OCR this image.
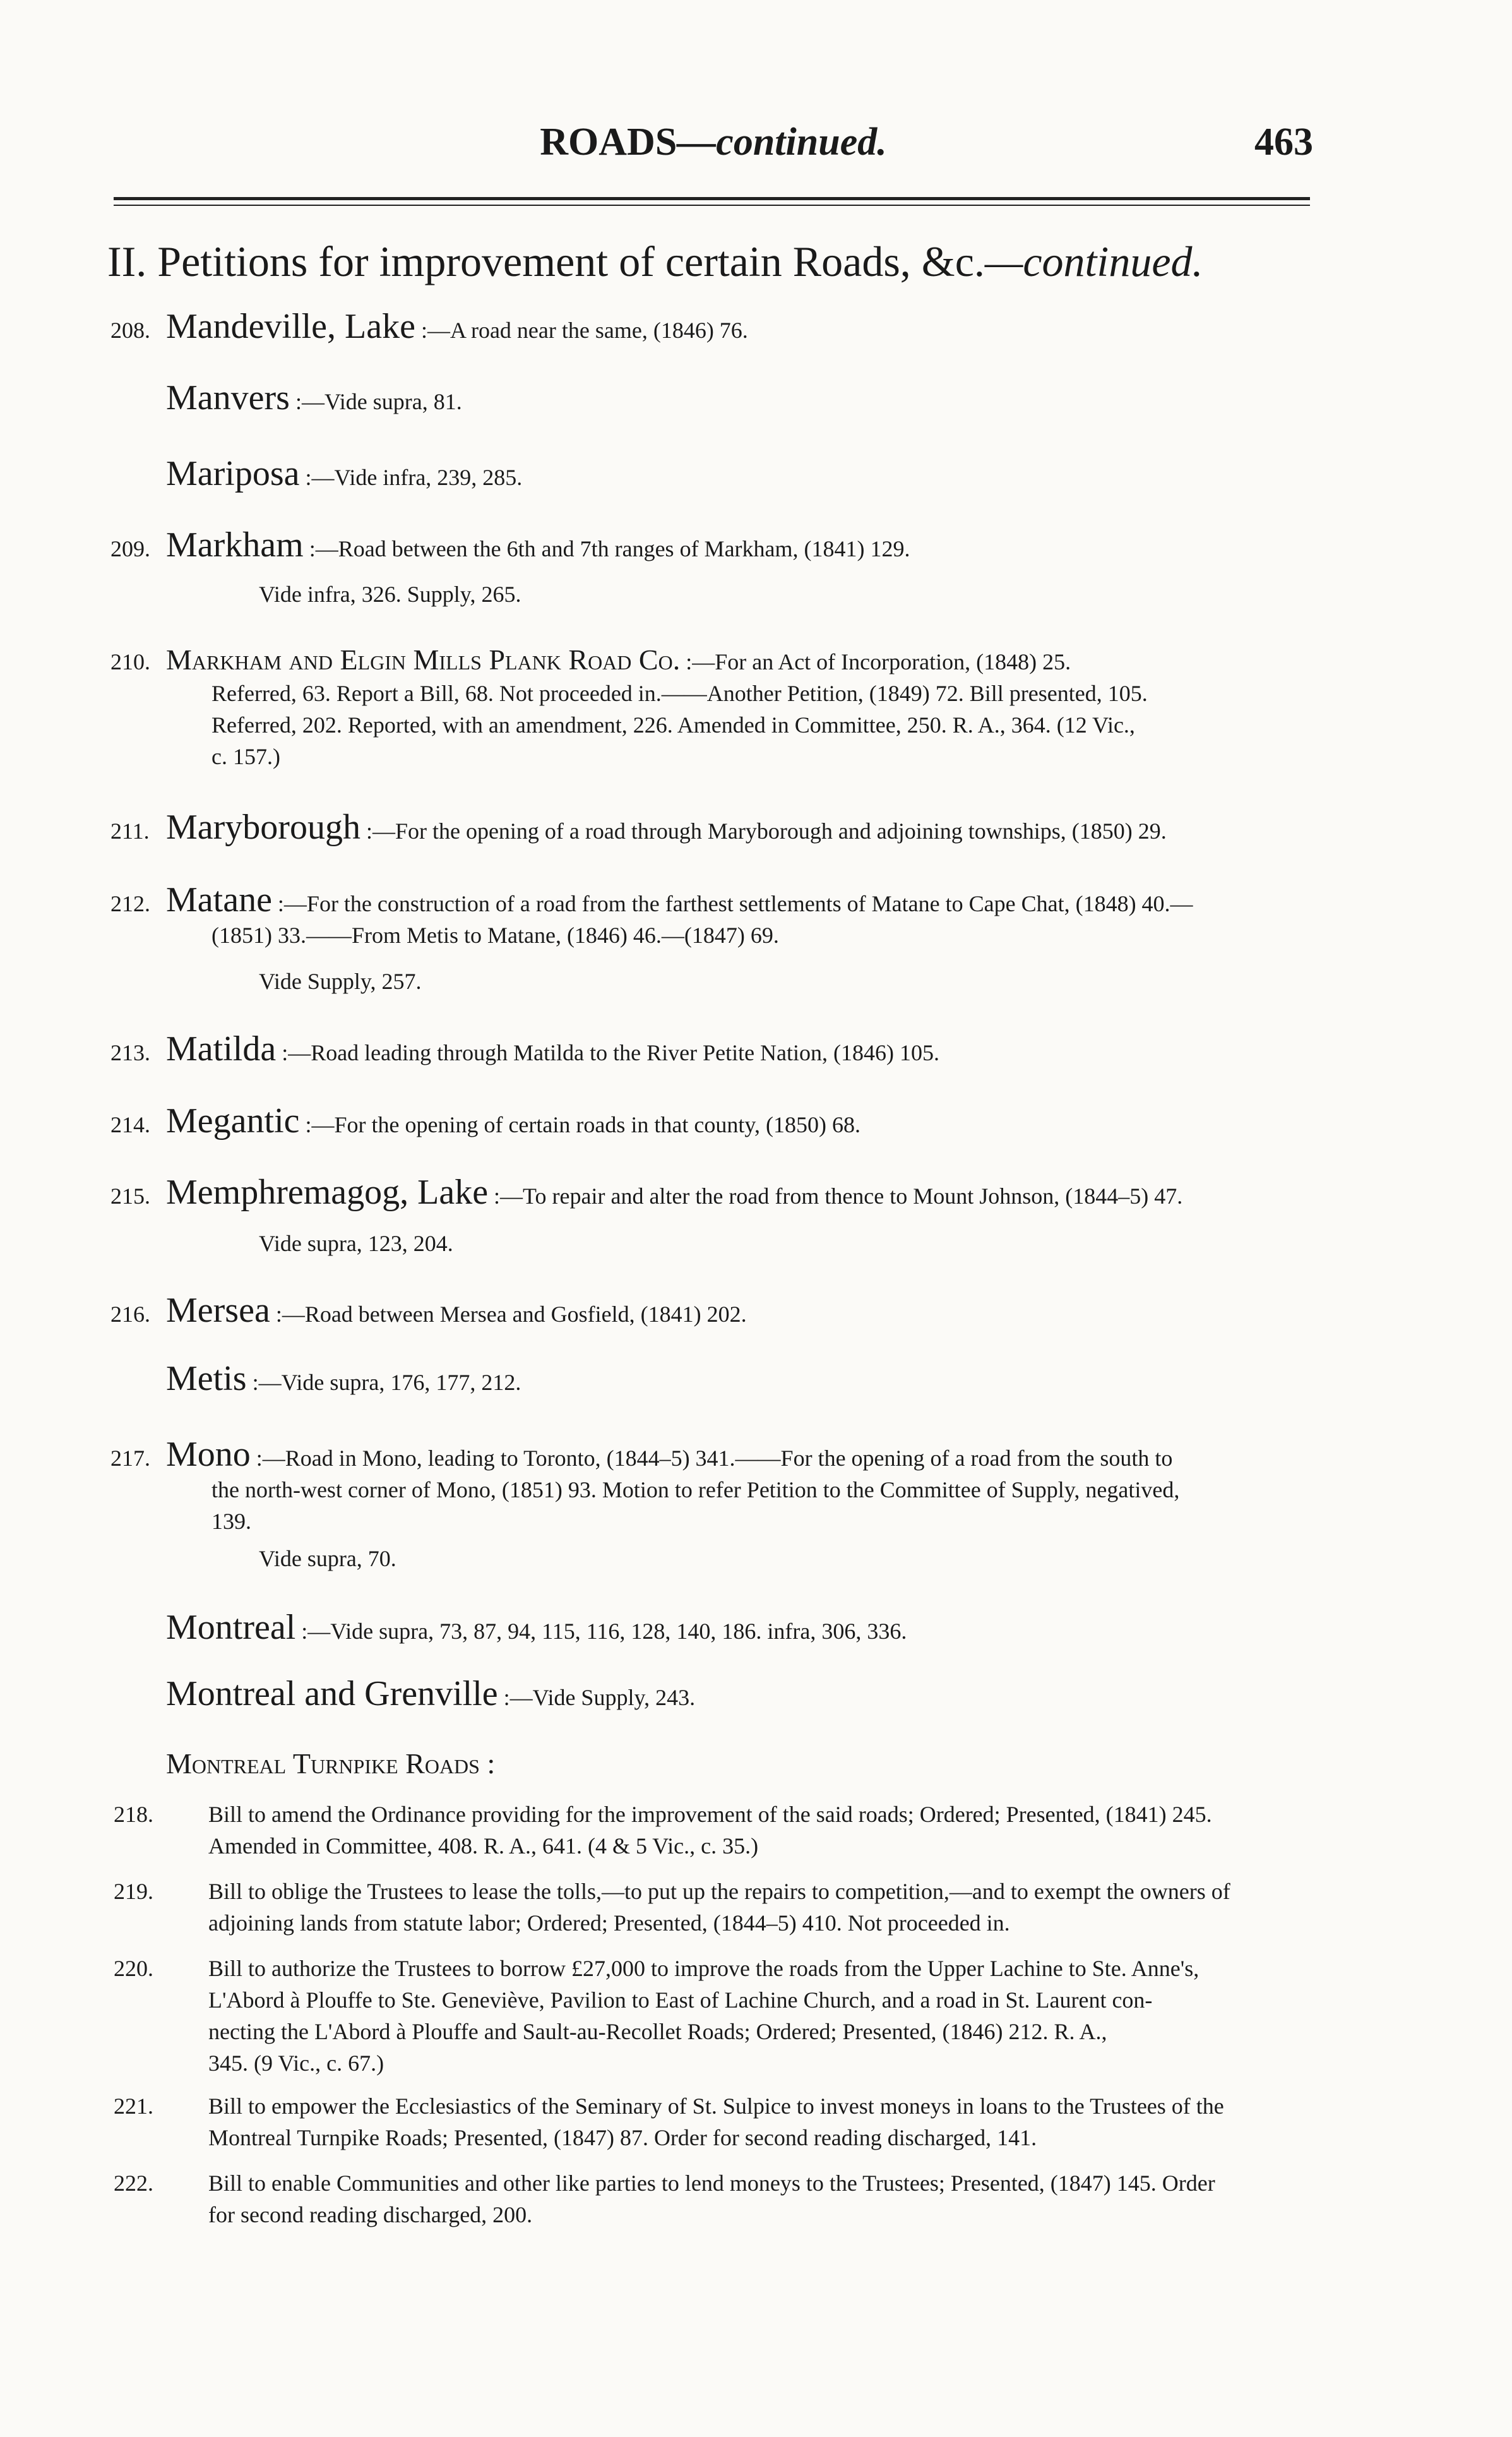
ROADS—continued.	463
II. Petitions for improvement of certain Roads, &c.—continued.
208. Mandeville, Lake :—A road near the same, (1846) 76.
Manvers :—Vide supra, 81.
Mariposa :—Vide infra, 239, 285.
209. Markham :—Road between the 6th and 7th ranges of Markham, (1841) 129.
Vide infra, 326. Supply, 265.
210. Markham and Elgin Mills Plank Road Co. :—For an Act of Incorporation, (1848) 25.
Referred, 63. Report a Bill, 68. Not proceeded in.——Another Petition, (1849) 72. Bill presented, 105.
Referred, 202. Reported, with an amendment, 226. Amended in Committee, 250. R. A., 364. (12 Vic.,
c. 157.)
211. Maryborough :—For the opening of a road through Maryborough and adjoining townships, (1850) 29.
212. Matane :—For the construction of a road from the farthest settlements of Matane to Cape Chat, (1848) 40.—
(1851) 33.——From Metis to Matane, (1846) 46.—(1847) 69.
Vide Supply, 257.
213. Matilda :—Road leading through Matilda to the River Petite Nation, (1846) 105.
214. Megantic :—For the opening of certain roads in that county, (1850) 68.
215. Memphremagog, Lake :—To repair and alter the road from thence to Mount Johnson, (1844–5) 47.
Vide supra, 123, 204.
216. Mersea :—Road between Mersea and Gosfield, (1841) 202.
Metis :—Vide supra, 176, 177, 212.
217. Mono :—Road in Mono, leading to Toronto, (1844–5) 341.——For the opening of a road from the south to
the north-west corner of Mono, (1851) 93. Motion to refer Petition to the Committee of Supply, negatived,
139.
Vide supra, 70.
Montreal :—Vide supra, 73, 87, 94, 115, 116, 128, 140, 186. infra, 306, 336.
Montreal and Grenville :—Vide Supply, 243.
Montreal Turnpike Roads :
218. Bill to amend the Ordinance providing for the improvement of the said roads; Ordered; Presented, (1841) 245.
Amended in Committee, 408. R. A., 641. (4 & 5 Vic., c. 35.)
219. Bill to oblige the Trustees to lease the tolls,—to put up the repairs to competition,—and to exempt the owners of
adjoining lands from statute labor; Ordered; Presented, (1844–5) 410. Not proceeded in.
220. Bill to authorize the Trustees to borrow £27,000 to improve the roads from the Upper Lachine to Ste. Anne's,
L'Abord à Plouffe to Ste. Geneviève, Pavilion to East of Lachine Church, and a road in St. Laurent con-
necting the L'Abord à Plouffe and Sault-au-Recollet Roads; Ordered; Presented, (1846) 212. R. A.,
345. (9 Vic., c. 67.)
221. Bill to empower the Ecclesiastics of the Seminary of St. Sulpice to invest moneys in loans to the Trustees of the
Montreal Turnpike Roads; Presented, (1847) 87. Order for second reading discharged, 141.
222. Bill to enable Communities and other like parties to lend moneys to the Trustees; Presented, (1847) 145. Order
for second reading discharged, 200.
